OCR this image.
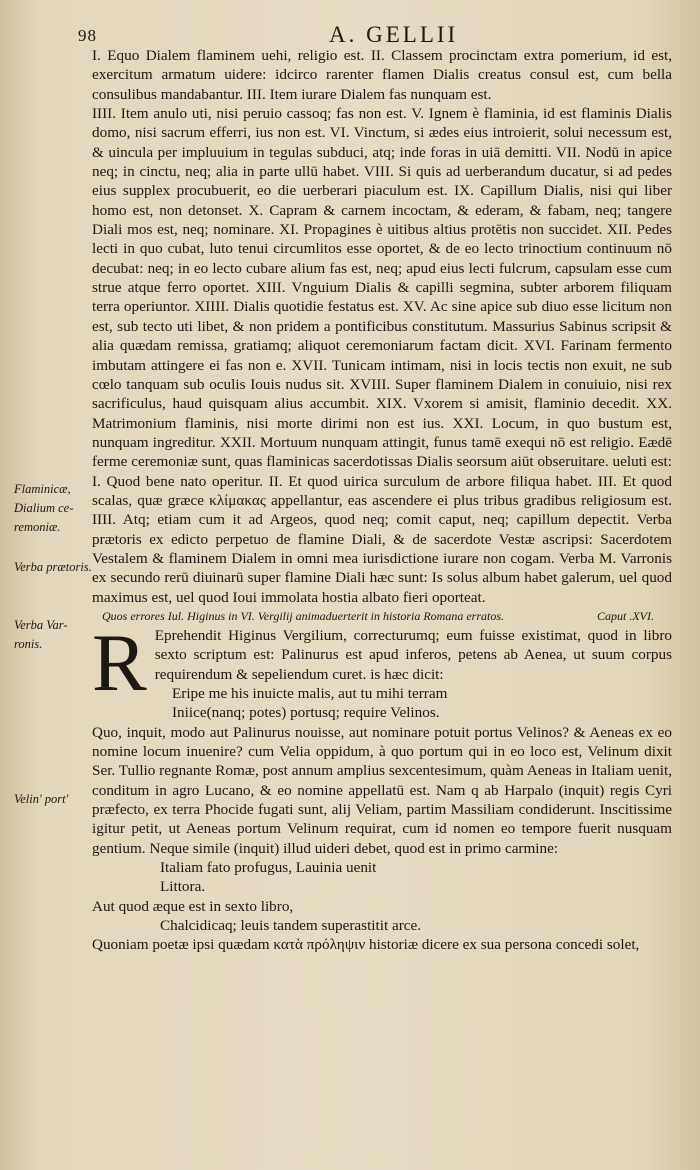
98	A. GELLII
Flaminicæ, Dialium ce- remoniæ.
Verba prætoris.
Verba Var- ronis.
Velin' port'

I. Equo Dialem flaminem uehi, religio est. II. Classem procinctam extra pomerium, id est, exercitum armatum uidere: idcirco rarenter flamen Dialis creatus consul est, cum bella consulibus mandabantur. III. Item iurare Dialem fas nunquam est.

IIII. Item anulo uti, nisi peruio cassoq; fas non est. V. Ignem è flaminia, id est flaminis Dialis domo, nisi sacrum efferri, ius non est. VI. Vinctum, si ædes eius introierit, solui necessum est, & uincula per impluuium in tegulas subduci, atq; inde foras in uiā demitti. VII. Nodū in apice neq; in cinctu, neq; alia in parte ullū habet. VIII. Si quis ad uerberandum ducatur, si ad pedes eius supplex procubuerit, eo die uerberari piaculum est. IX. Capillum Dialis, nisi qui liber homo est, non detonset. X. Capram & carnem incoctam, & ederam, & fabam, neq; tangere Diali mos est, neq; nominare. XI. Propagines è uitibus altius protētis non succidet. XII. Pedes lecti in quo cubat, luto tenui circumlitos esse oportet, & de eo lecto trinoctium continuum nō decubat: neq; in eo lecto cubare alium fas est, neq; apud eius lecti fulcrum, capsulam esse cum strue atque ferro oportet. XIII. Vnguium Dialis & capilli segmina, subter arborem filiquam terra operiuntor. XIIII. Dialis quotidie festatus est. XV. Ac sine apice sub diuo esse licitum non est, sub tecto uti libet, & non pridem a pontificibus constitutum. Massurius Sabinus scripsit & alia quædam remissa, gratiamq; aliquot ceremoniarum factam dicit. XVI. Farinam fermento imbutam attingere ei fas non e. XVII. Tunicam intimam, nisi in locis tectis non exuit, ne sub cœlo tanquam sub oculis Iouis nudus sit. XVIII. Super flaminem Dialem in conuiuio, nisi rex sacrificulus, haud quisquam alius accumbit. XIX. Vxorem si amisit, flaminio decedit. XX. Matrimonium flaminis, nisi morte dirimi non est ius. XXI. Locum, in quo bustum est, nunquam ingreditur. XXII. Mortuum nunquam attingit, funus tamē exequi nō est religio. Eædē ferme ceremoniæ sunt, quas flaminicas sacerdotissas Dialis seorsum aiūt obseruitare. ueluti est: I. Quod bene nato operitur. II. Et quod uirica surculum de arbore filiqua habet. III. Et quod scalas, quæ græce κλίμακας appellantur, eas ascendere ei plus tribus gradibus religiosum est. IIII. Atq; etiam cum it ad Argeos, quod neq; comit caput, neq; capillum depectit. Verba prætoris ex edicto perpetuo de flamine Diali, & de sacerdote Vestæ ascripsi: Sacerdotem Vestalem & flaminem Dialem in omni mea iurisdictione iurare non cogam. Verba M. Varronis ex secundo rerū diuinarū super flamine Diali hæc sunt: Is solus album habet galerum, uel quod maximus est, uel quod Ioui immolata hostia albato fieri oporteat.

Quos errores Iul. Higinus in VI. Vergilij animaduerterit in historia Romana erratos.	Caput .XVI.
R Eprehendit Higinus Vergilium, correcturumq; eum fuisse existimat, quod in libro sexto scriptum est: Palinurus est apud inferos, petens ab Aenea, ut suum corpus requirendum & sepeliendum curet. is hæc dicit:

Eripe me his inuicte malis, aut tu mihi terram

Iniice(nanq; potes) portusq; require Velinos.

Quo, inquit, modo aut Palinurus nouisse, aut nominare potuit portus Velinos? & Aeneas ex eo nomine locum inuenire? cum Velia oppidum, à quo portum qui in eo loco est, Velinum dixit Ser. Tullio regnante Romæ, post annum amplius sexcentesimum, quàm Aeneas in Italiam uenit, conditum in agro Lucano, & eo nomine appellatū est. Nam q ab Harpalo (inquit) regis Cyri præfecto, ex terra Phocide fugati sunt, alij Veliam, partim Massiliam condiderunt. Inscitissime igitur petit, ut Aeneas portum Velinum requirat, cum id nomen eo tempore fuerit nusquam gentium. Neque simile (inquit) illud uideri debet, quod est in primo carmine:

Italiam fato profugus, Lauinia uenit

Littora.

Aut quod æque est in sexto libro,

Chalcidicaq; leuis tandem superastitit arce.

Quoniam poetæ ipsi quædam κατὰ πρόληψιν historiæ dicere ex sua persona concedi solet,
